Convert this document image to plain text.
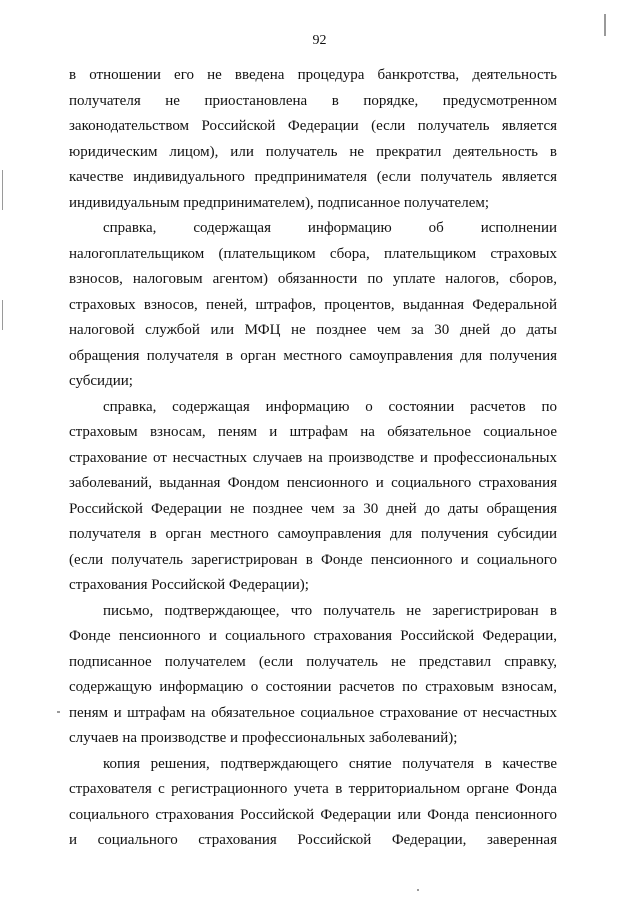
92
в отношении его не введена процедура банкротства, деятельность
получателя не приостановлена в порядке, предусмотренном
законодательством Российской Федерации (если получатель является
юридическим лицом), или получатель не прекратил деятельность в
качестве индивидуального предпринимателя (если получатель является
индивидуальным предпринимателем), подписанное получателем;
справка, содержащая информацию об исполнении
налогоплательщиком (плательщиком сбора, плательщиком страховых
взносов, налоговым агентом) обязанности по уплате налогов, сборов,
страховых взносов, пеней, штрафов, процентов, выданная Федеральной
налоговой службой или МФЦ не позднее чем за 30 дней до даты
обращения получателя в орган местного самоуправления для получения
субсидии;
справка, содержащая информацию о состоянии расчетов по
страховым взносам, пеням и штрафам на обязательное социальное
страхование от несчастных случаев на производстве и профессиональных
заболеваний, выданная Фондом пенсионного и социального страхования
Российской Федерации не позднее чем за 30 дней до даты обращения
получателя в орган местного самоуправления для получения субсидии
(если получатель зарегистрирован в Фонде пенсионного и социального
страхования Российской Федерации);
письмо, подтверждающее, что получатель не зарегистрирован в
Фонде пенсионного и социального страхования Российской Федерации,
подписанное получателем (если получатель не представил справку,
содержащую информацию о состоянии расчетов по страховым взносам,
пеням и штрафам на обязательное социальное страхование от несчастных
случаев на производстве и профессиональных заболеваний);
копия решения, подтверждающего снятие получателя в качестве
страхователя с регистрационного учета в территориальном органе Фонда
социального страхования Российской Федерации или Фонда пенсионного
и социального страхования Российской Федерации, заверенная
